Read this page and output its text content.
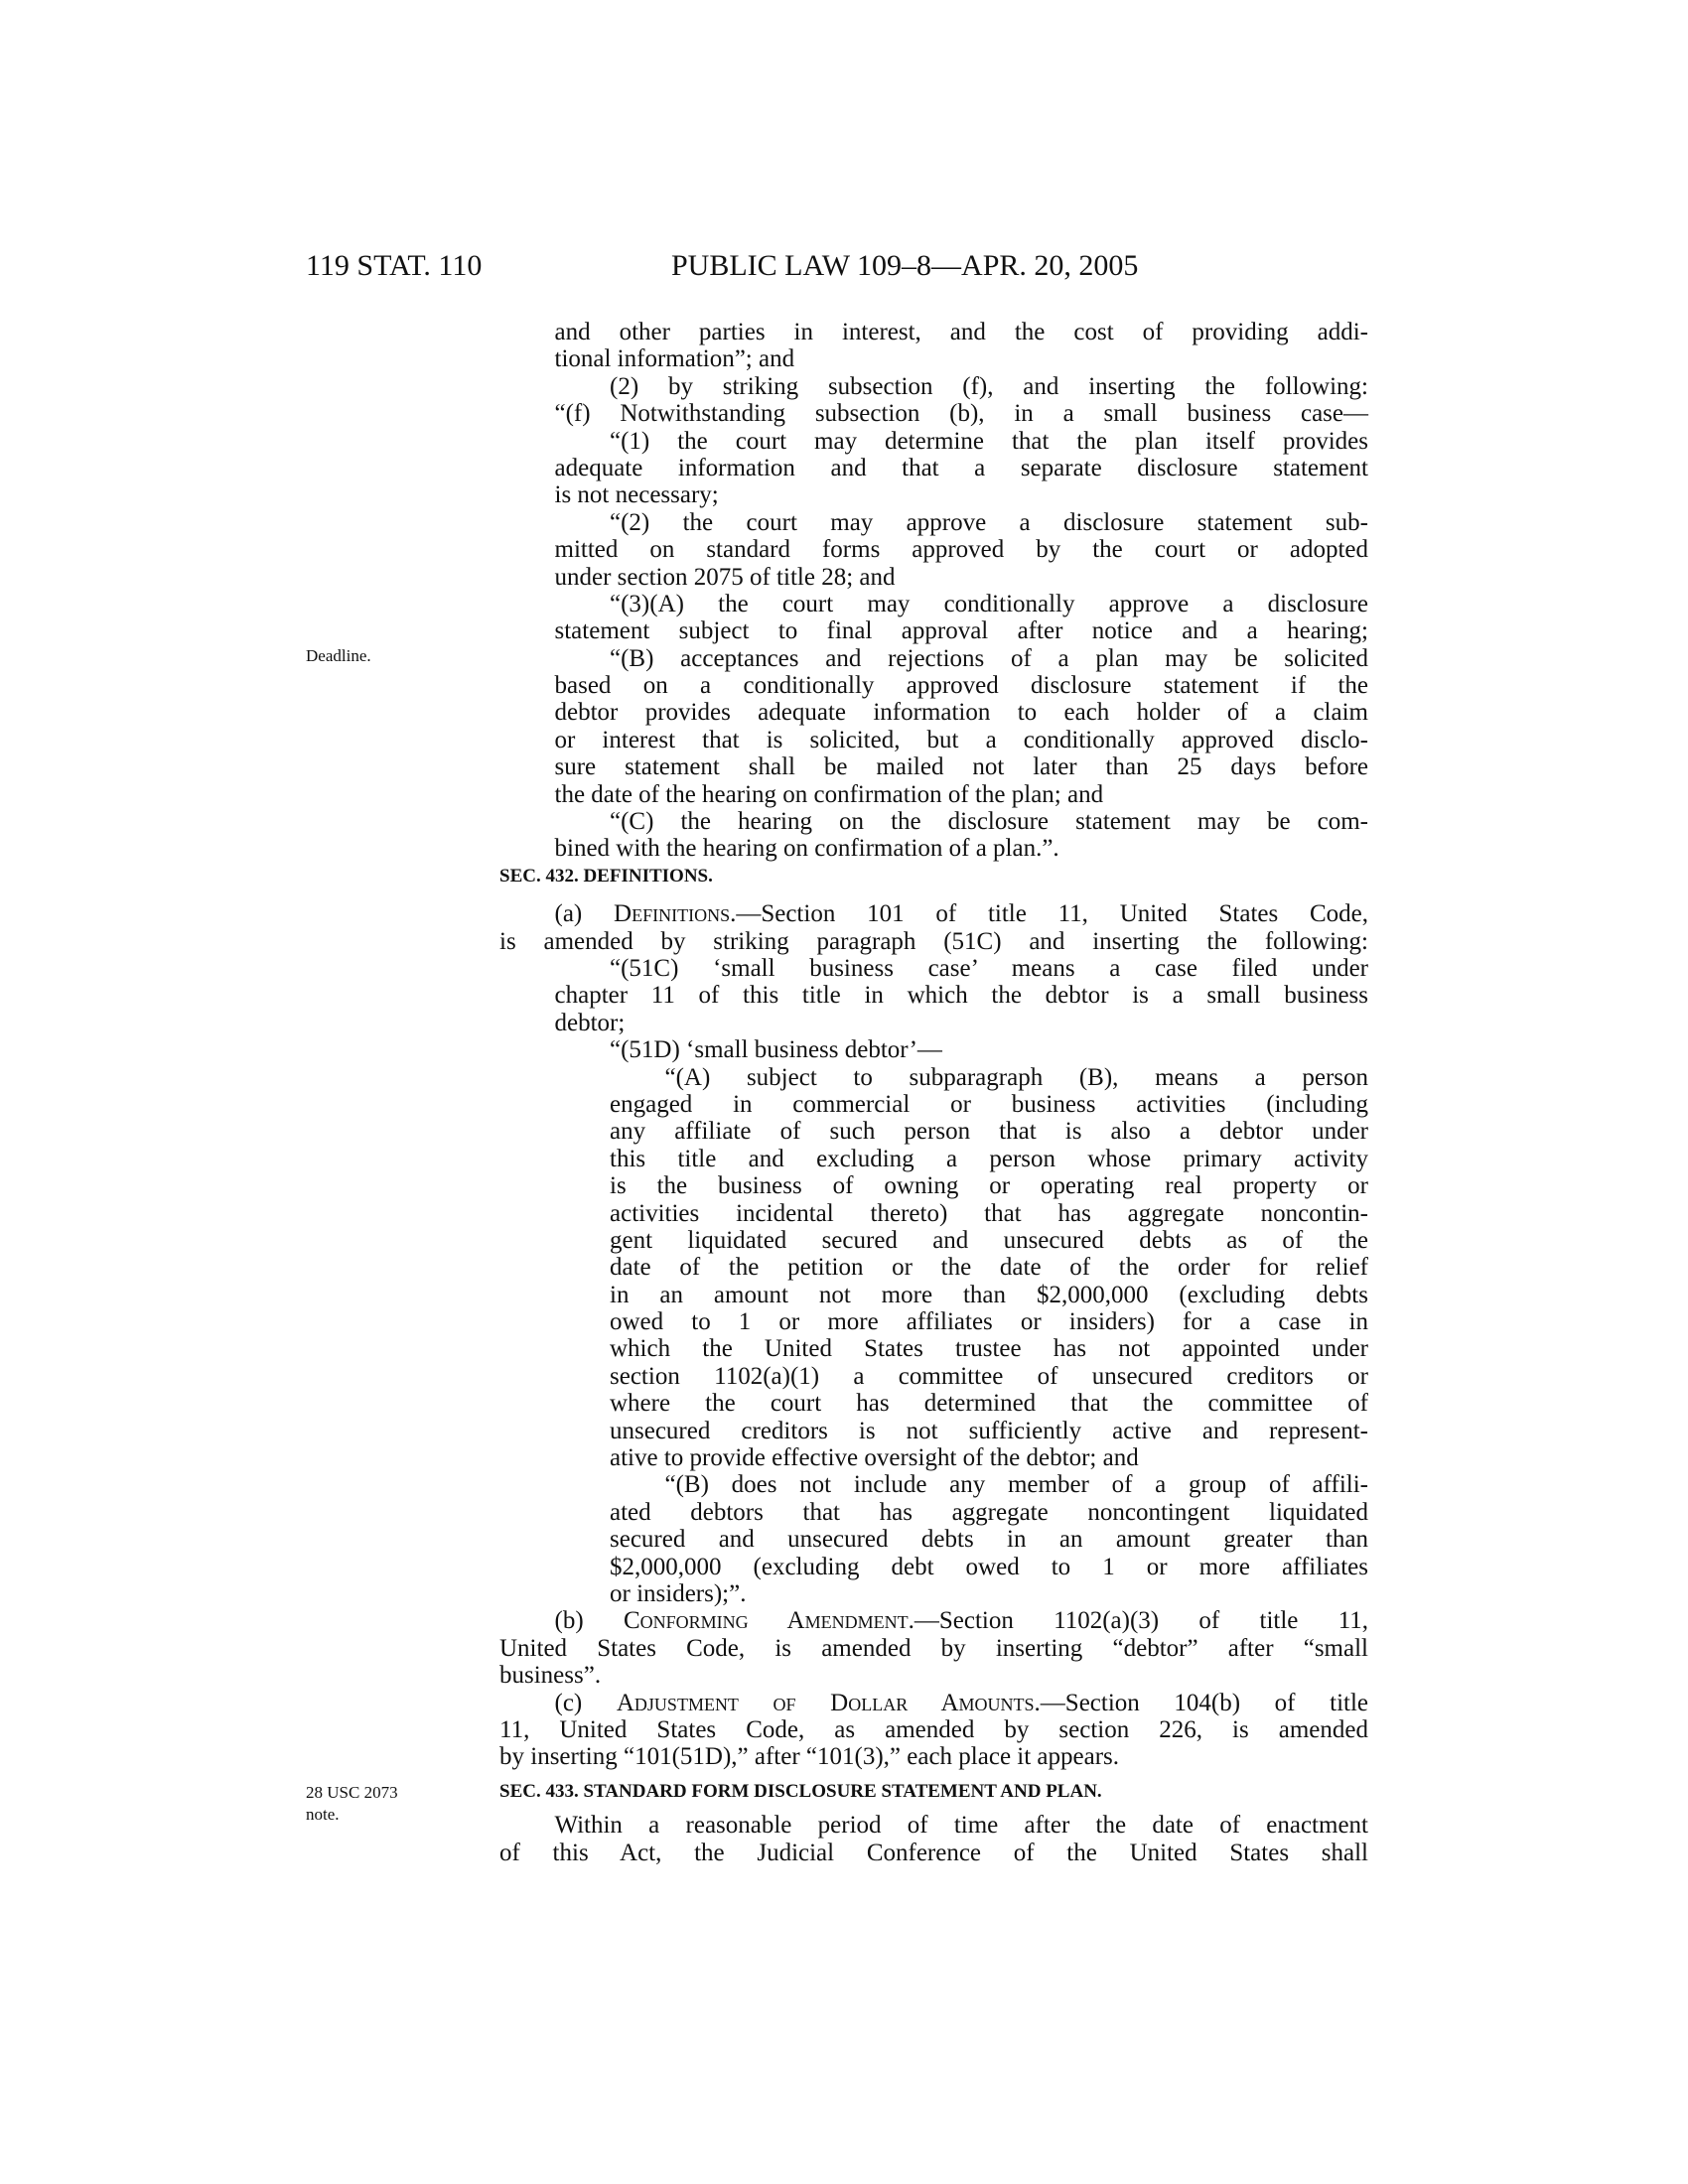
119 STAT. 110	PUBLIC LAW 109–8—APR. 20, 2005
Deadline.
28 USC 2073
note.
and other parties in interest, and the cost of providing addi-
tional information”; and
(2) by striking subsection (f), and inserting the following:
“(f) Notwithstanding subsection (b), in a small business case—
“(1) the court may determine that the plan itself provides
adequate information and that a separate disclosure statement
is not necessary;
“(2) the court may approve a disclosure statement sub-
mitted on standard forms approved by the court or adopted
under section 2075 of title 28; and
“(3)(A) the court may conditionally approve a disclosure
statement subject to final approval after notice and a hearing;
“(B) acceptances and rejections of a plan may be solicited
based on a conditionally approved disclosure statement if the
debtor provides adequate information to each holder of a claim
or interest that is solicited, but a conditionally approved disclo-
sure statement shall be mailed not later than 25 days before
the date of the hearing on confirmation of the plan; and
“(C) the hearing on the disclosure statement may be com-
bined with the hearing on confirmation of a plan.”.
SEC. 432. DEFINITIONS.
(a) Definitions.—Section 101 of title 11, United States Code,
is amended by striking paragraph (51C) and inserting the following:
“(51C) ‘small business case’ means a case filed under
chapter 11 of this title in which the debtor is a small business
debtor;
“(51D) ‘small business debtor’—
“(A) subject to subparagraph (B), means a person
engaged in commercial or business activities (including
any affiliate of such person that is also a debtor under
this title and excluding a person whose primary activity
is the business of owning or operating real property or
activities incidental thereto) that has aggregate noncontin-
gent liquidated secured and unsecured debts as of the
date of the petition or the date of the order for relief
in an amount not more than $2,000,000 (excluding debts
owed to 1 or more affiliates or insiders) for a case in
which the United States trustee has not appointed under
section 1102(a)(1) a committee of unsecured creditors or
where the court has determined that the committee of
unsecured creditors is not sufficiently active and represent-
ative to provide effective oversight of the debtor; and
“(B) does not include any member of a group of affili-
ated debtors that has aggregate noncontingent liquidated
secured and unsecured debts in an amount greater than
$2,000,000 (excluding debt owed to 1 or more affiliates
or insiders);”.
(b) Conforming Amendment.—Section 1102(a)(3) of title 11,
United States Code, is amended by inserting “debtor” after “small
business”.
(c) Adjustment of Dollar Amounts.—Section 104(b) of title
11, United States Code, as amended by section 226, is amended
by inserting “101(51D),” after “101(3),” each place it appears.
SEC. 433. STANDARD FORM DISCLOSURE STATEMENT AND PLAN.
Within a reasonable period of time after the date of enactment
of this Act, the Judicial Conference of the United States shall
